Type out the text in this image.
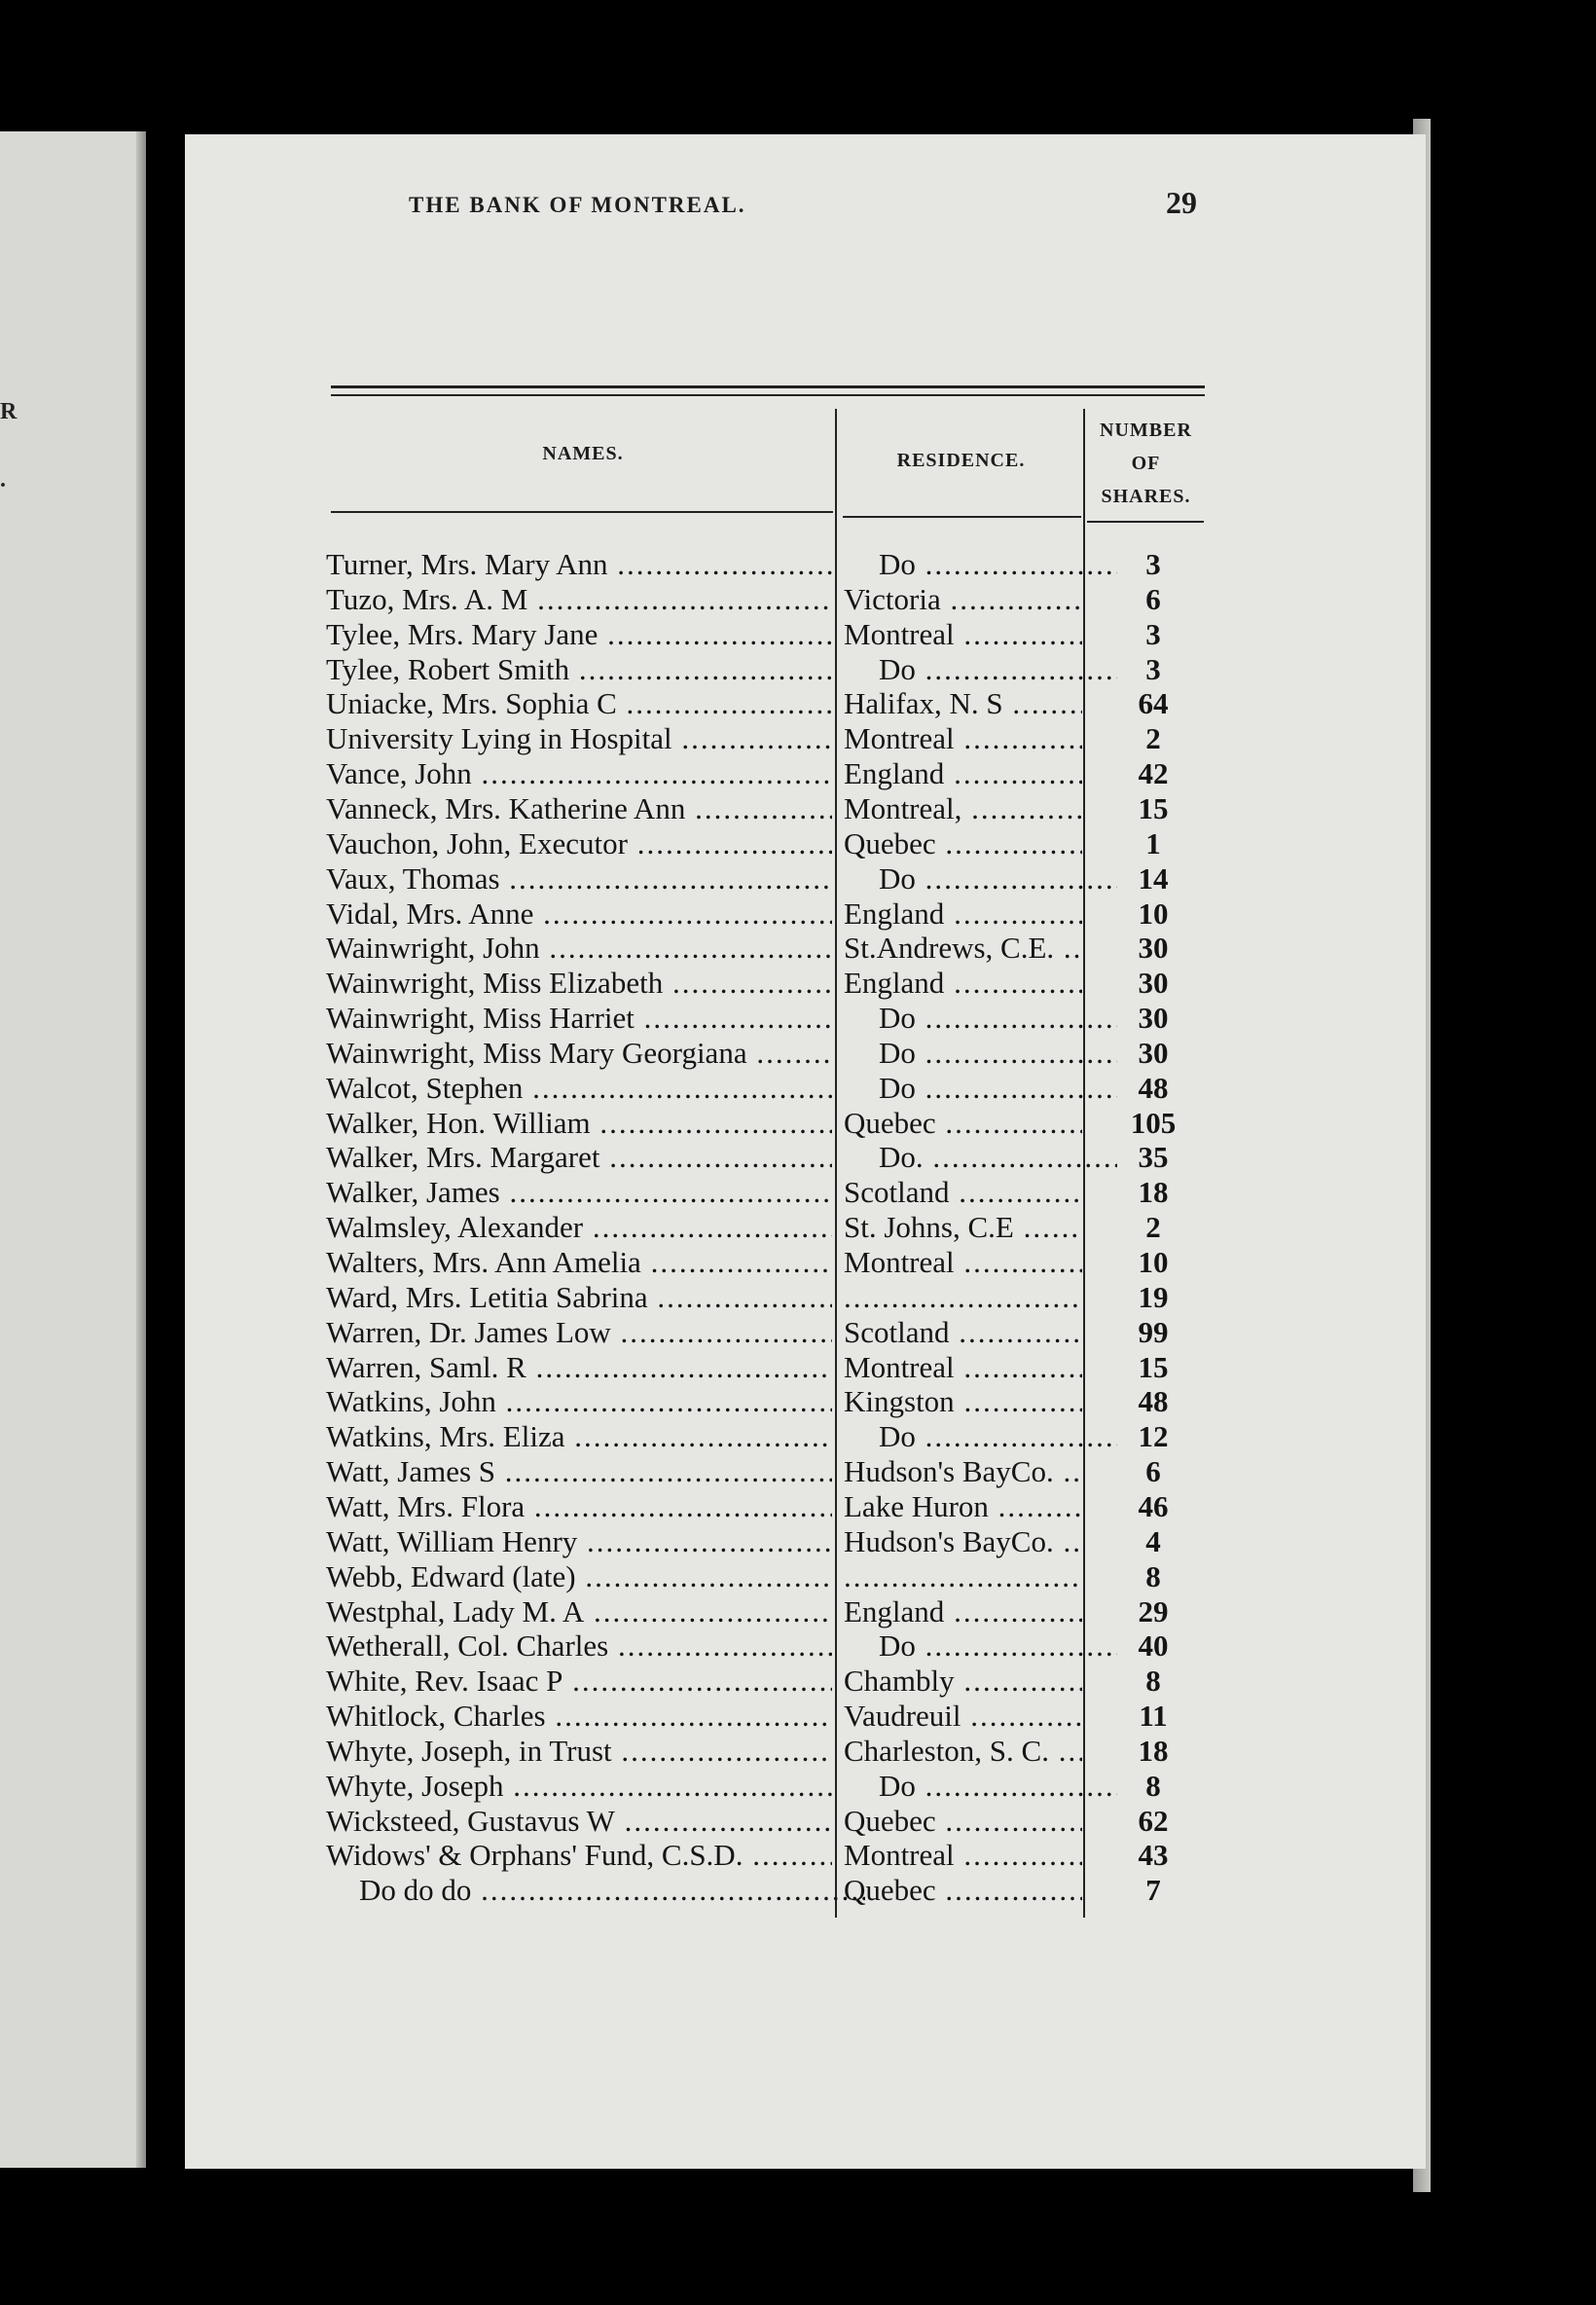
R
.
THE BANK OF MONTREAL.	29
NAMES.	RESIDENCE.
NUMBER
OF
SHARES.
Turner, Mrs. Mary Ann .....	Do .....	3
Tuzo, Mrs. A. M .....	Victoria .....	6
Tylee, Mrs. Mary Jane .....	Montreal .....	3
Tylee, Robert Smith .....	Do .....	3
Uniacke, Mrs. Sophia C .....	Halifax, N. S .....	64
University Lying in Hospital .....	Montreal .....	2
Vance, John .....	England .....	42
Vanneck, Mrs. Katherine Ann .....	Montreal, .....	15
Vauchon, John, Executor .....	Quebec .....	1
Vaux, Thomas .....	Do .....	14
Vidal, Mrs. Anne .....	England .....	10
Wainwright, John .....	St.Andrews, C.E. .....	30
Wainwright, Miss Elizabeth .....	England .....	30
Wainwright, Miss Harriet .....	Do .....	30
Wainwright, Miss Mary Georgiana .....	Do .....	30
Walcot, Stephen .....	Do .....	48
Walker, Hon. William .....	Quebec .....	105
Walker, Mrs. Margaret .....	Do. .....	35
Walker, James .....	Scotland .....	18
Walmsley, Alexander .....	St. Johns, C.E .....	2
Walters, Mrs. Ann Amelia .....	Montreal .....	10
Ward, Mrs. Letitia Sabrina ..... .....	19
Warren, Dr. James Low .....	Scotland .....	99
Warren, Saml. R .....	Montreal .....	15
Watkins, John .....	Kingston .....	48
Watkins, Mrs. Eliza .....	Do .....	12
Watt, James S .....	Hudson's BayCo. .....	6
Watt, Mrs. Flora .....	Lake Huron .....	46
Watt, William Henry .....	Hudson's BayCo. .....	4
Webb, Edward (late) ..... .....	8
Westphal, Lady M. A .....	England .....	29
Wetherall, Col. Charles .....	Do .....	40
White, Rev. Isaac P .....	Chambly .....	8
Whitlock, Charles .....	Vaudreuil .....	11
Whyte, Joseph, in Trust .....	Charleston, S. C. .....	18
Whyte, Joseph .....	Do .....	8
Wicksteed, Gustavus W .....	Quebec .....	62
Widows' & Orphans' Fund, C.S.D. .....	Montreal .....	43
Do do do .....	Quebec .....	7
